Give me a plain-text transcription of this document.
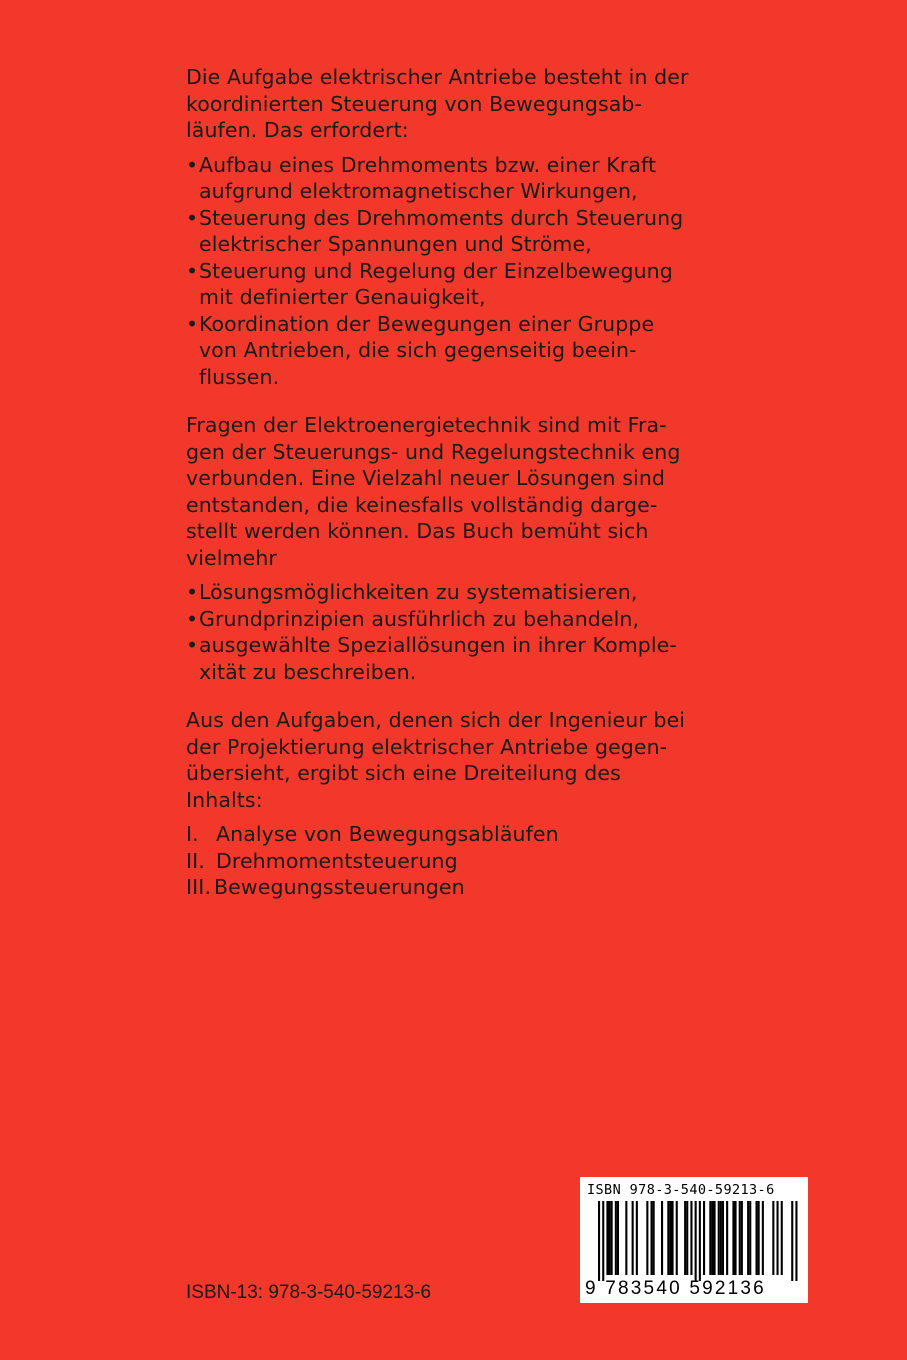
Die Aufgabe elektrischer Antriebe besteht in der
koordinierten Steuerung von Bewegungsab-
läufen. Das erfordert:

• Aufbau eines Drehmoments bzw. einer Kraft
aufgrund elektromagnetischer Wirkungen,
• Steuerung des Drehmoments durch Steuerung
elektrischer Spannungen und Ströme,
• Steuerung und Regelung der Einzelbewegung
mit definierter Genauigkeit,
• Koordination der Bewegungen einer Gruppe
von Antrieben, die sich gegenseitig beein-
flussen.

Fragen der Elektroenergietechnik sind mit Fra-
gen der Steuerungs- und Regelungstechnik eng
verbunden. Eine Vielzahl neuer Lösungen sind
entstanden, die keinesfalls vollständig darge-
stellt werden können. Das Buch bemüht sich
vielmehr

• Lösungsmöglichkeiten zu systematisieren,
• Grundprinzipien ausführlich zu behandeln,
• ausgewählte Speziallösungen in ihrer Komple-
xität zu beschreiben.

Aus den Aufgaben, denen sich der Ingenieur bei
der Projektierung elektrischer Antriebe gegen-
übersieht, ergibt sich eine Dreiteilung des
Inhalts:

I. Analyse von Bewegungsabläufen
II. Drehmomentsteuerung
III. Bewegungssteuerungen
ISBN-13: 978-3-540-59213-6
ISBN 978-3-540-59213-6
9 783540 592136
